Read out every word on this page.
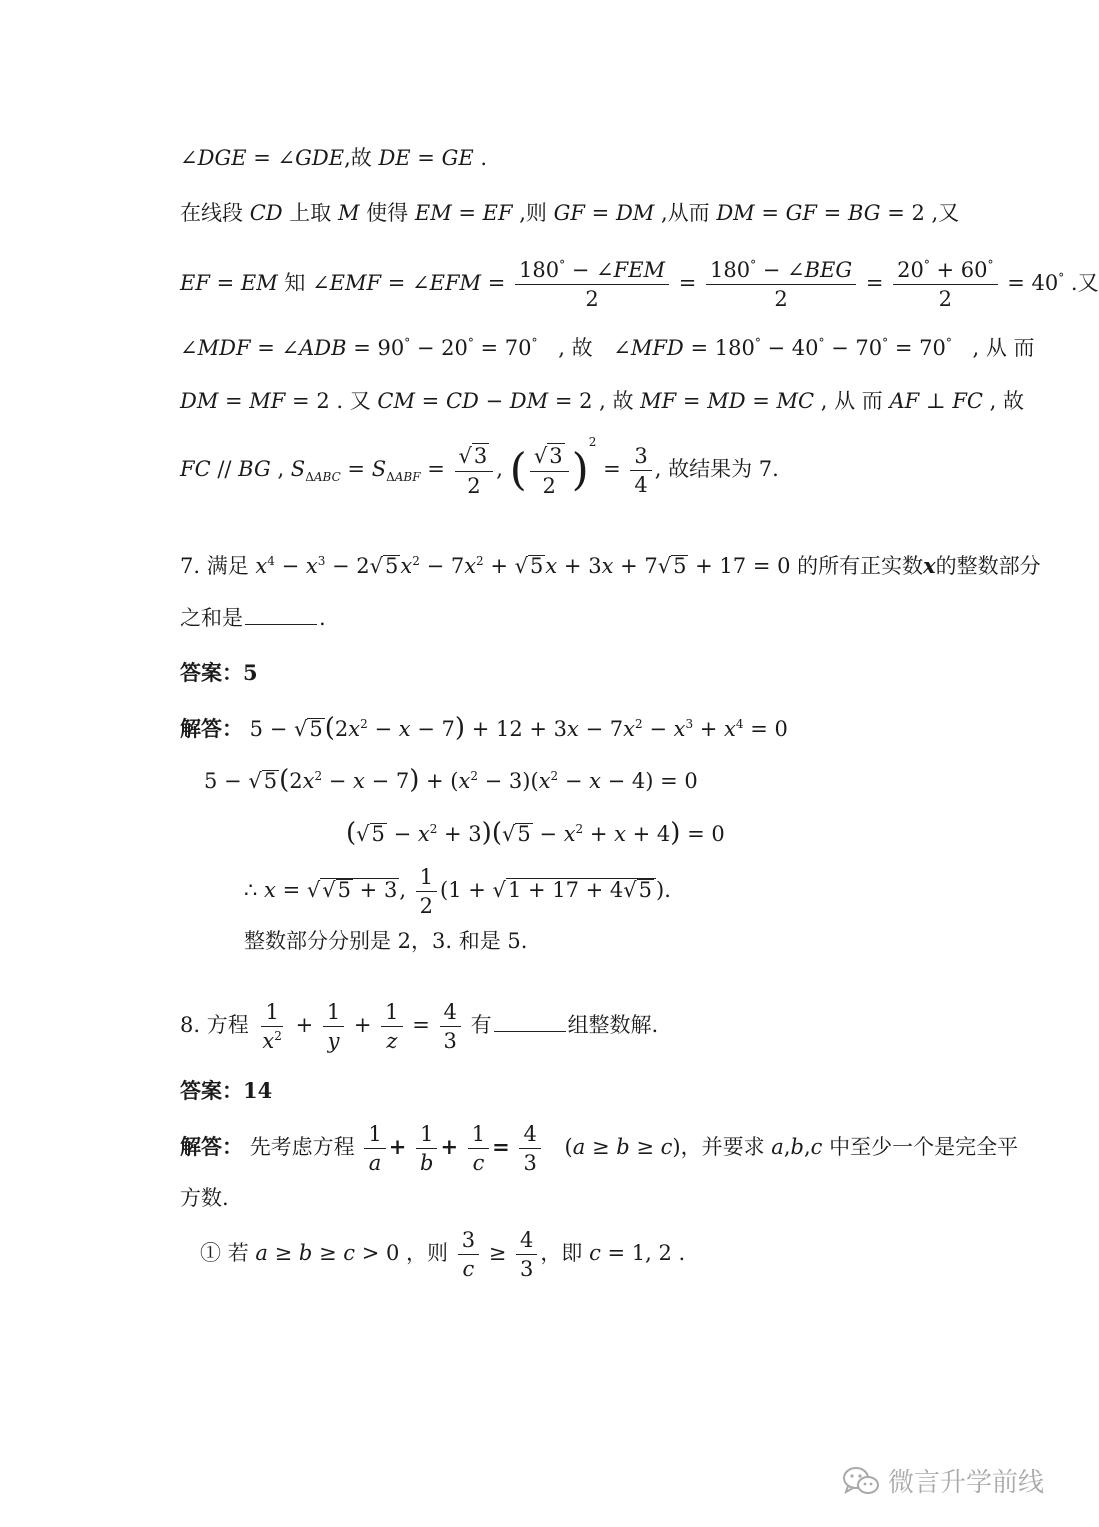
∠DGE = ∠GDE,故 DE = GE .
在线段 CD 上取 M 使得 EM = EF ,则 GF = DM ,从而 DM = GF = BG = 2 ,又
EF = EM 知 ∠EMF = ∠EFM = $\frac{180^\circ - \angle FEM}{2} = \frac{180^\circ - \angle BEG}{2} = \frac{20^\circ + 60^\circ}{2} = 40^\circ$ .又
∠MDF = ∠ADB = 90° − 20° = 70° , 故 ∠MFD = 180° − 40° − 70° = 70° , 从 而
DM = MF = 2 . 又 CM = CD − DM = 2 , 故 MF = MD = MC , 从 而 AF ⊥ FC , 故
FC // BG , $S_{\Delta ABC} = S_{\Delta ABF} = \frac{√3}{2}$ , ( $\frac{√3}{2} )^2 = \frac{3}{4}$ , 故结果为 7.
7. 满足 $x^4 - x^3 - 2√5x^2 - 7x^2 + √5x + 3x + 7√5 + 17 = 0$ 的所有正实数x的整数部分
之和是	.
答案：5
解答： $5 - √5(2x^2 - x - 7) + 12 + 3x - 7x^2 - x^3 + x^4 = 0$
$5 - √5(2x^2 - x - 7) + (x^2 - 3)(x^2 - x - 4) = 0$
$(√5 - x^2 + 3)(√5 - x^2 + x + 4) = 0$
∴ x = √√5 + 3, $\frac{1}{2} (1 + √1 + 17 + 4√5$ ).
整数部分分别是 2，3. 和是 5.
8. 方程 $\frac{1}{x^2} + \frac{1}{y} + \frac{1}{z} = \frac{4}{3}$ 有	组整数解.
答案：14
解答： 先考虑方程 $\frac{1}{a} + \frac{1}{b} + \frac{1}{c} = \frac{4}{3} (a \ge b \ge c)$，并要求 a,b,c 中至少一个是完全平
方数.
① 若 a ≥ b ≥ c > 0 ，则 $\frac{3}{c} \ge \frac{4}{3}$ ，即 c = 1, 2 .
微言升学前线
